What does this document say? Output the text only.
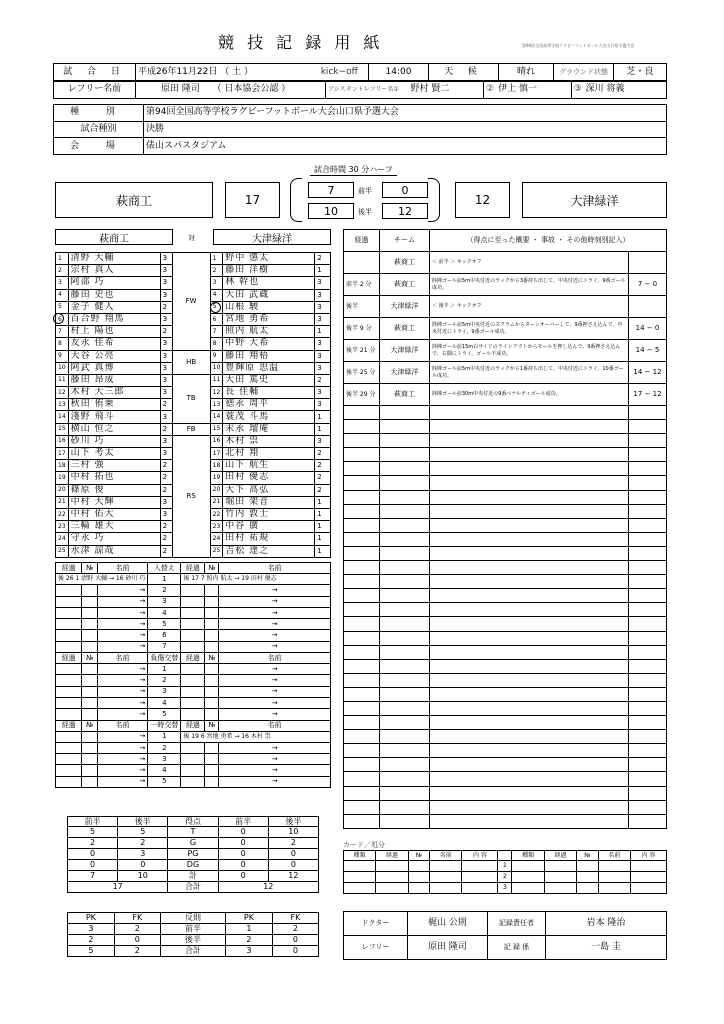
競 技 記 録 用 紙	第94回全国高等学校ラグビーフットボール大会山口県予選大会
試 合 日	平成26年11月22日 （ 土 ）	kick−off	14:00	天 候	晴れ	グラウンド状態	芝・良
レフリー名前	原田 隆司	（ 日本協会公認 ）	アシスタントレフリー名①	野村 賢二	②	伊上 慎一	③	深川 将義
種 別	第94回全国高等学校ラグビーフットボール大会山口県予選大会
試合種別	決勝
会 場	俵山スパスタジアム
試合時間 30 分ハーフ
萩商工	17
7	前半	0
10	後半 12
12	大津緑洋
萩商工	対	大津緑洋
1	清野 大輔	3	FW	1	野中 懲太	2
2	宗村 真人	3		2	藤田 洋樹	1
3	阿部 巧	3		3	林 幹也	3
4	藤田 史也	3		4	大田 武蔵	3
5	金子 健人	2		5	山根 駿	3
6	百合野 翔馬	3		6	宮地 勇希	3
7	村上 陽也	2		7	照内 航太	1
8	友永 佳希	3		8	中野 大希	3
9	大谷 公亮	3	HB	9	藤田 翔梧	3
10	阿武 真博	3		10	豊輝原 思温	3
11	藤田 昂成	3	TB	11	大田 篤史	2
12	木村 大三郎	3		12	長 佳輔	3
13	秋田 侑乗	2		13	徳永 周平	3
14	淺野 飛斗	3		14	蓑茂 斗馬	1
15	横山 恒之	2	FB	15	末永 瑠庵	1
16	砂川 巧	3	RS	16	木村 祟	3
17	山下 考太	3		17	北村 翔	2
18	三村 強	2		18	山下 航生	2
19	中村 拓也	2		19	田村 優志	2
20	篠原 俊	2		20	大下 高弘	2
21	中村 大輝	3		21	堀田 架音	1
22	中村 佑大	3		22	竹内 敦士	1
23	三輪 雄大	2		23	中谷 廣	1
24	守永 巧	2		24	田村 祐規	1
25	水津 諒哉	2		25	吉松 達之	1
経過	№	名前	入替え	経過	№	名前
後 26 1 清野 大輔 → 16 砂川 巧			1	後 17 7 照内 航太 → 19 田村 優志		
		→	2			→
		→	3			→
		→	4			→
		→	5			→
		→	6			→
		→	7			→
経過	№	名前	負傷交替	経過	№	名前
		→	1			→
		→	2			→
		→	3			→
		→	4			→
		→	5			→
経過	№	名前	一時交替	経過	№	名前
		→	1	後 19 6 宮地 勇希 → 16 木村 祟		
		→	2			→
		→	3			→
		→	4			→
		→	5			→
経過	チーム	（得点に至った概要 ・ 事故 ・ その他時刻別記入）	
	萩商工	＜ 前半 ＞ キックオフ	
前半 2 分	萩商工	陸陣ゴール前5m中央付近のラックから3番持ち出して、中央付近にトライ。9番ゴール成功。	7 − 0
後半	大津緑洋	＜ 後半 ＞ キックオフ	
後半 9 分	萩商工	陸陣ゴール前5m中央付近のスクラムからターンオーバーして、9番押さえ込んで、中央付近にトライ。9番ゴール成功。	14 − 0
後半 21 分	大津緑洋	陸陣ゴール前15m右サイドのラインアウトからモールを押し込んで、9番押さえ込んで、右隅にトライ。ゴール不成功。	14 − 5
後半 25 分	大津緑洋	陸陣ゴール前5m中央付近のラックから1番持ち出して、中央付近にトライ。10番ゴール成功。	14 − 12
後半 29 分	萩商工	陸陣ゴール前30m中央付近の9番ペナルティゴール成功。	17 − 12

前半	後半	得点	前半	後半
5	5	T	0	10
2	2	G	0	2
0	3	PG	0	0
0	0	DG	0	0
7	10	計	0	12
17		合計	12	
PK	FK	反則	PK	FK
3	2	前半	1	2
2	0	後半	2	0
5	2	合計	3	0
カード／処分
種類	経過	№	名前	内 容		種類	経過	№	名前	内 容
					1					
					2					
					3					
ドクター	梶山 公則	記録責任者	岩本 隆治
レフリー	原田 隆司	記 録 係	一島 圭
